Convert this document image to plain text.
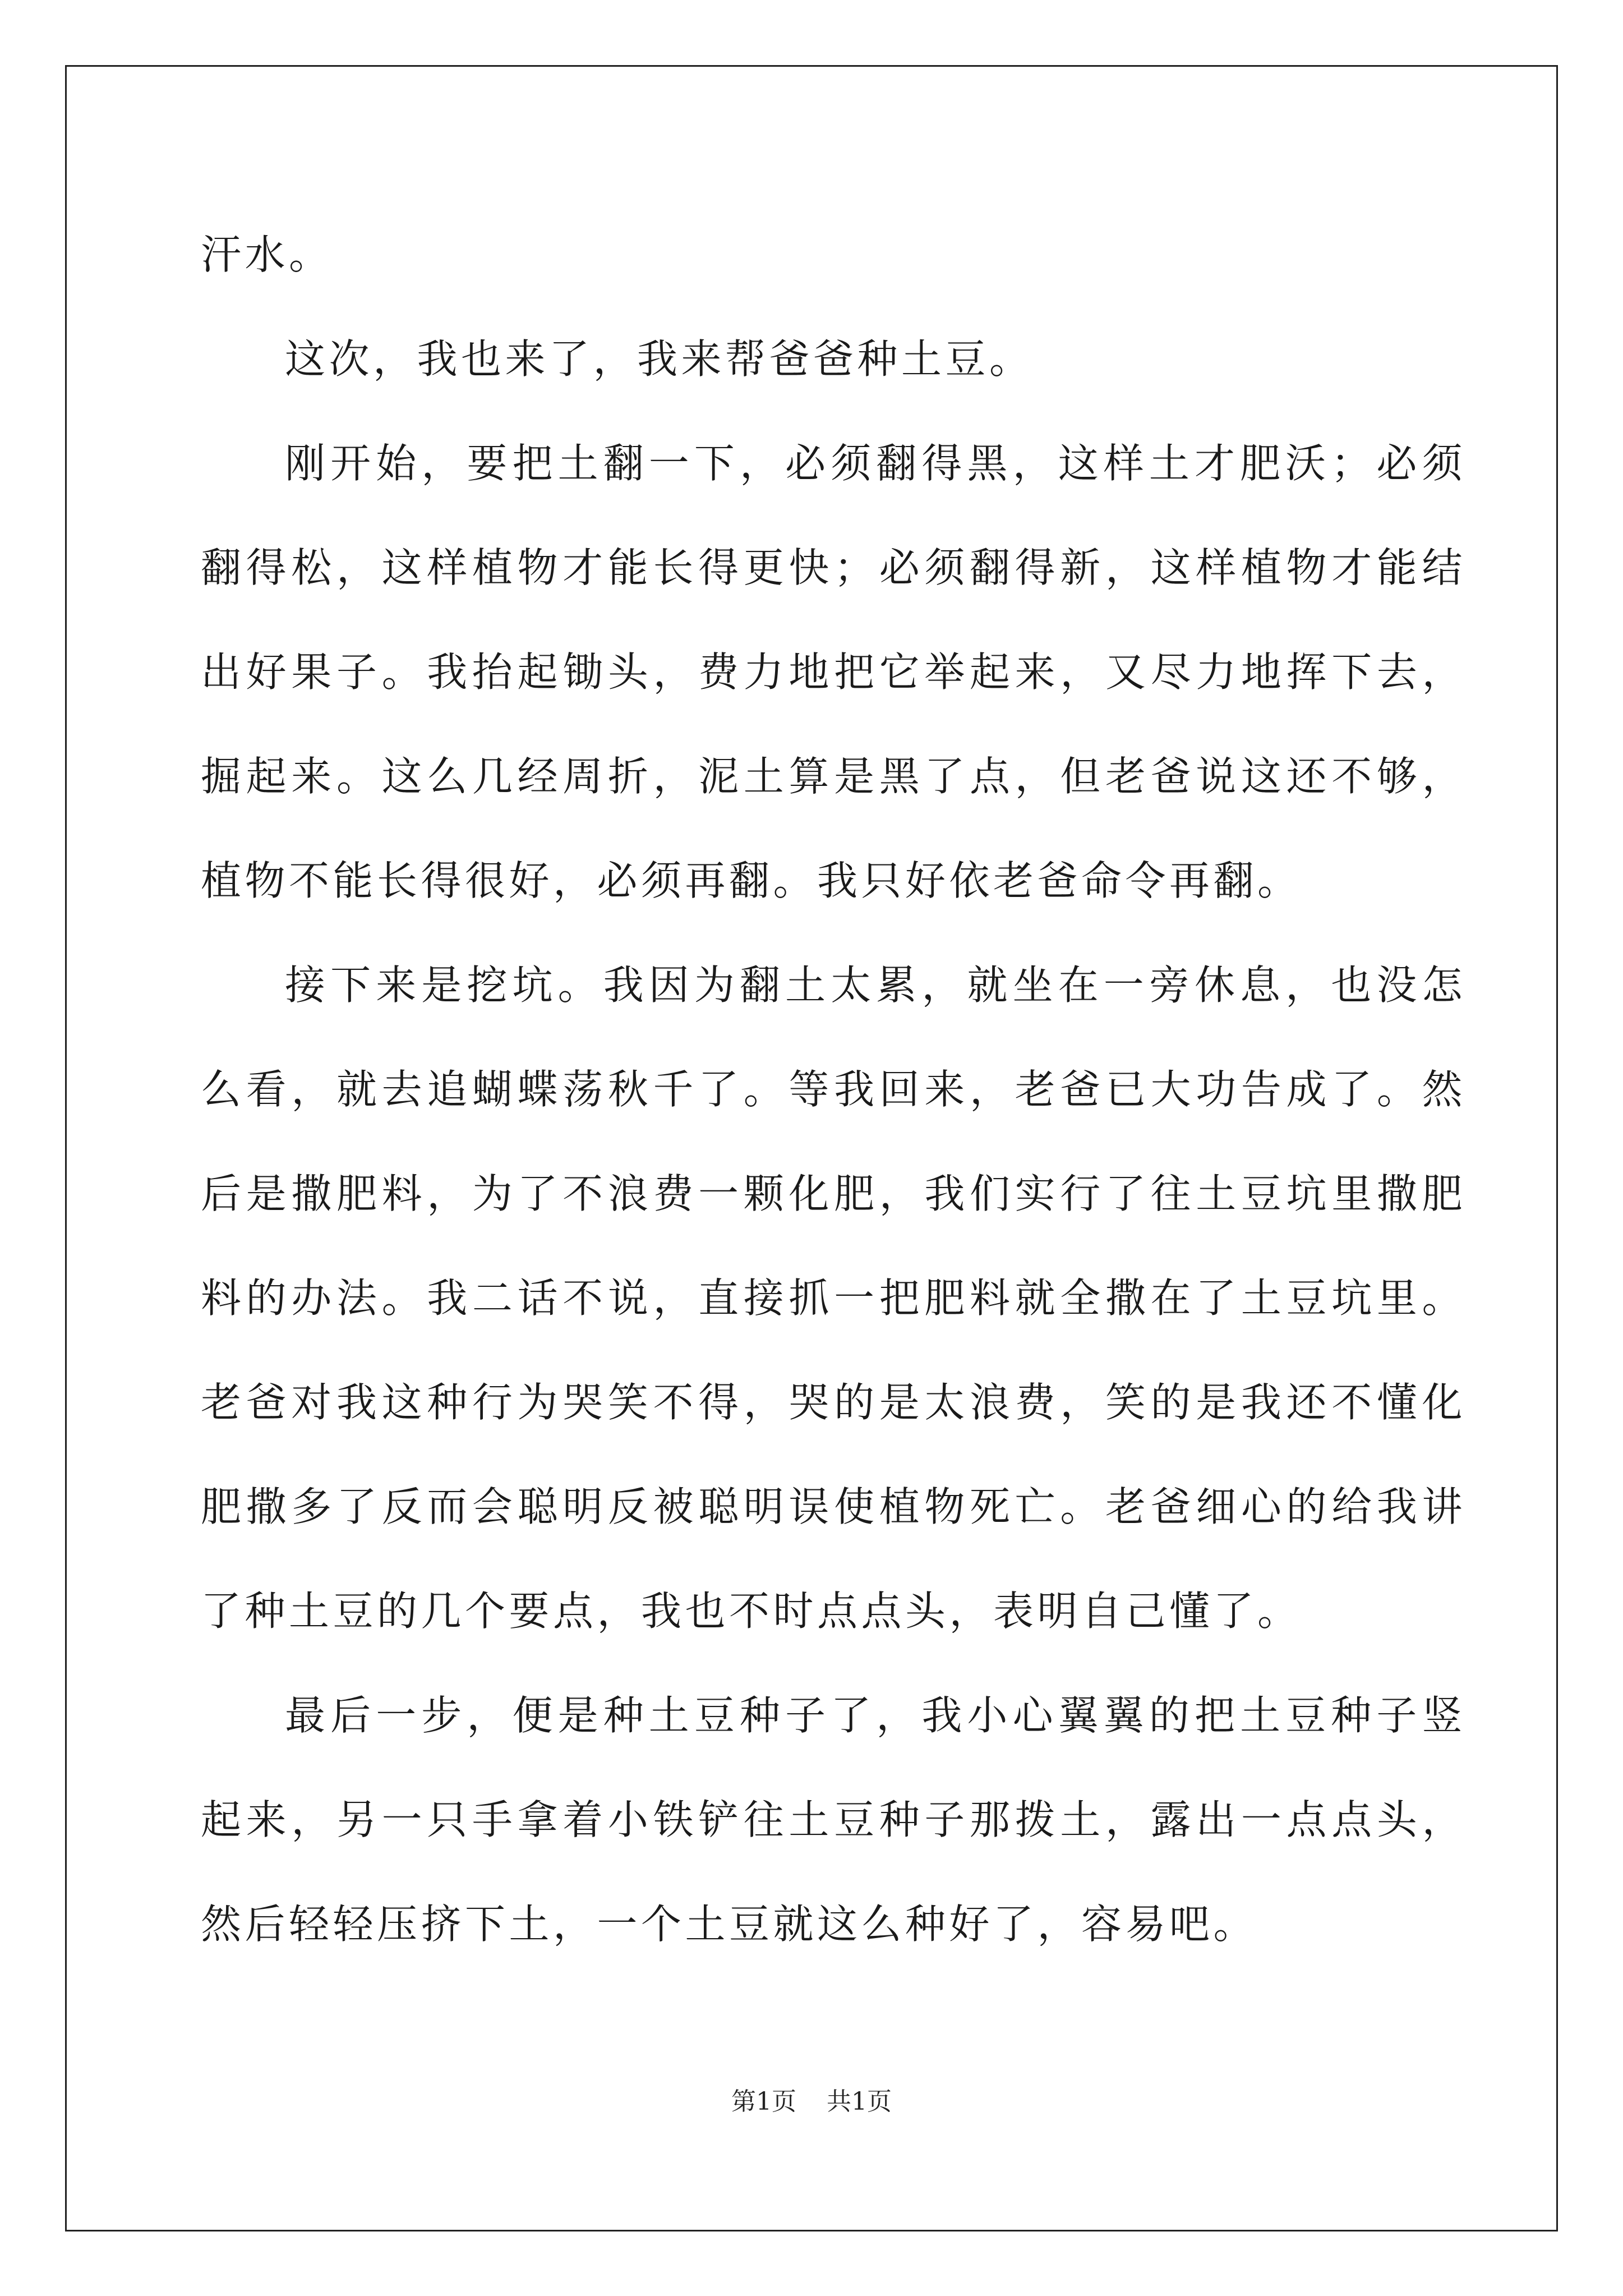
汗水。

这次，我也来了，我来帮爸爸种土豆。

刚开始，要把土翻一下，必须翻得黑，这样土才肥沃；必须翻得松，这样植物才能长得更快；必须翻得新，这样植物才能结出好果子。我抬起锄头，费力地把它举起来，又尽力地挥下去，掘起来。这么几经周折，泥土算是黑了点，但老爸说这还不够，植物不能长得很好，必须再翻。我只好依老爸命令再翻。

接下来是挖坑。我因为翻土太累，就坐在一旁休息，也没怎么看，就去追蝴蝶荡秋千了。等我回来，老爸已大功告成了。然后是撒肥料，为了不浪费一颗化肥，我们实行了往土豆坑里撒肥料的办法。我二话不说，直接抓一把肥料就全撒在了土豆坑里。老爸对我这种行为哭笑不得，哭的是太浪费，笑的是我还不懂化肥撒多了反而会聪明反被聪明误使植物死亡。老爸细心的给我讲了种土豆的几个要点，我也不时点点头，表明自己懂了。

最后一步，便是种土豆种子了，我小心翼翼的把土豆种子竖起来，另一只手拿着小铁铲往土豆种子那拨土，露出一点点头，然后轻轻压挤下土，一个土豆就这么种好了，容易吧。

第1页 共1页
